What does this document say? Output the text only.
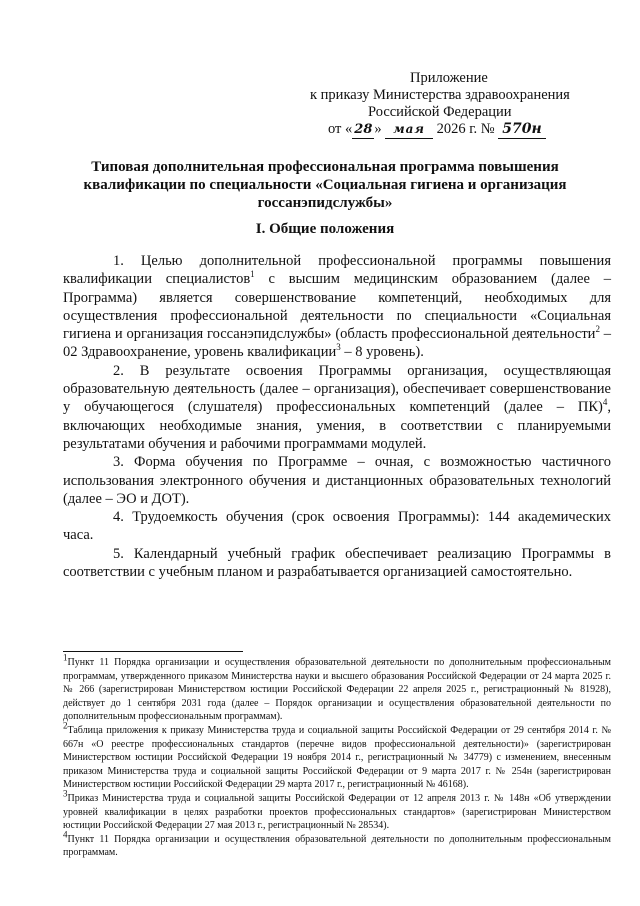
Приложение
к приказу Министерства здравоохранения
Российской Федерации
от « 28 » мая 2026 г. № 570н
Типовая дополнительная профессиональная программа повышения квалификации по специальности «Социальная гигиена и организация госсанэпидслужбы»
I. Общие положения

1. Целью дополнительной профессиональной программы повышения квалификации специалистов$^1$ с высшим медицинским образованием (далее – Программа) является совершенствование компетенций, необходимых для осуществления профессиональной деятельности по специальности «Социальная гигиена и организация госсанэпидслужбы» (область профессиональной деятельности$^2$ – 02 Здравоохранение, уровень квалификации$^3$ – 8 уровень).

2. В результате освоения Программы организация, осуществляющая образовательную деятельность (далее – организация), обеспечивает совершенствование у обучающегося (слушателя) профессиональных компетенций (далее – ПК)$^4$, включающих необходимые знания, умения, в соответствии с планируемыми результатами обучения и рабочими программами модулей.

3. Форма обучения по Программе – очная, с возможностью частичного использования электронного обучения и дистанционных образовательных технологий (далее – ЭО и ДОТ).

4. Трудоемкость обучения (срок освоения Программы): 144 академических часа.

5. Календарный учебный график обеспечивает реализацию Программы в соответствии с учебным планом и разрабатывается организацией самостоятельно.

$^1$Пункт 11 Порядка организации и осуществления образовательной деятельности по дополнительным профессиональным программам, утвержденного приказом Министерства науки и высшего образования Российской Федерации от 24 марта 2025 г. № 266 (зарегистрирован Министерством юстиции Российской Федерации 22 апреля 2025 г., регистрационный № 81928), действует до 1 сентября 2031 года (далее – Порядок организации и осуществления образовательной деятельности по дополнительным профессиональным программам).

$^2$Таблица приложения к приказу Министерства труда и социальной защиты Российской Федерации от 29 сентября 2014 г. № 667н «О реестре профессиональных стандартов (перечне видов профессиональной деятельности)» (зарегистрирован Министерством юстиции Российской Федерации 19 ноября 2014 г., регистрационный № 34779) с изменением, внесенным приказом Министерства труда и социальной защиты Российской Федерации от 9 марта 2017 г. № 254н (зарегистрирован Министерством юстиции Российской Федерации 29 марта 2017 г., регистрационный № 46168).

$^3$Приказ Министерства труда и социальной защиты Российской Федерации от 12 апреля 2013 г. № 148н «Об утверждении уровней квалификации в целях разработки проектов профессиональных стандартов» (зарегистрирован Министерством юстиции Российской Федерации 27 мая 2013 г., регистрационный № 28534).

$^4$Пункт 11 Порядка организации и осуществления образовательной деятельности по дополнительным профессиональным программам.
